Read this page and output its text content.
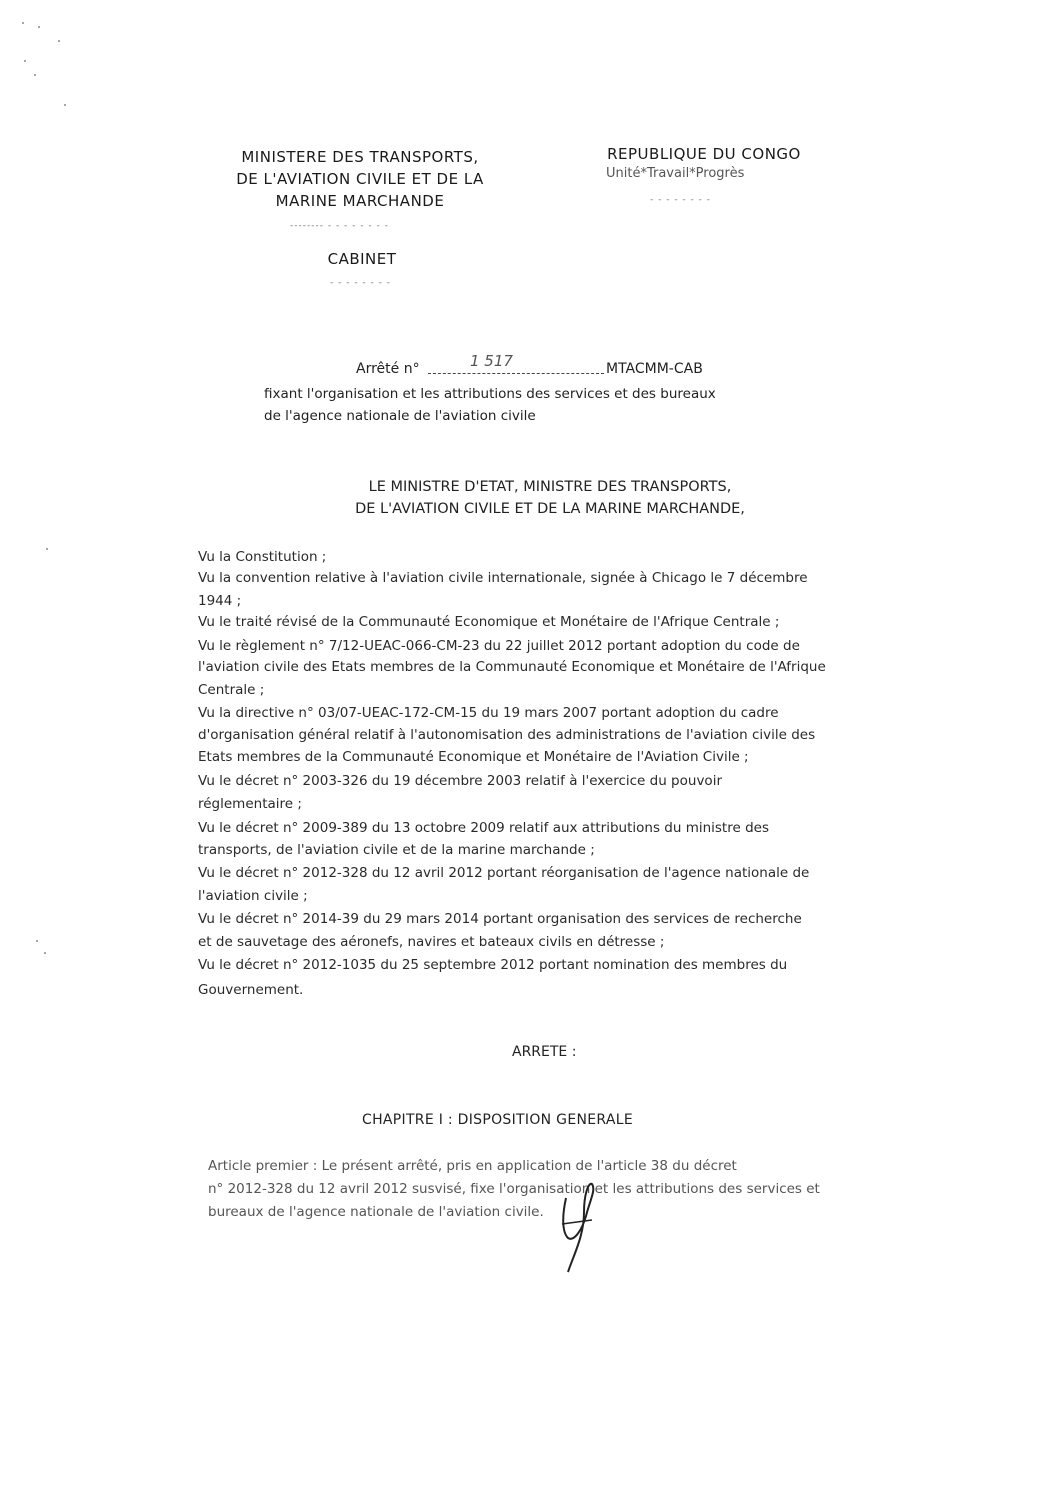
MINISTERE DES TRANSPORTS,
DE L'AVIATION CIVILE ET DE LA
MARINE MARCHANDE
-------- - - - - - - - -
CABINET
- - - - - - - -
REPUBLIQUE DU CONGO
Unité*Travail*Progrès
- - - - - - - -
Arrêté n°	1 517	MTACMM-CAB
fixant l'organisation et les attributions des services et des bureaux
de l'agence nationale de l'aviation civile
LE MINISTRE D'ETAT, MINISTRE DES TRANSPORTS,
DE L'AVIATION CIVILE ET DE LA MARINE MARCHANDE,
Vu la Constitution ;
Vu la convention relative à l'aviation civile internationale, signée à Chicago le 7 décembre
1944 ;
Vu le traité révisé de la Communauté Economique et Monétaire de l'Afrique Centrale ;
Vu le règlement n° 7/12-UEAC-066-CM-23 du 22 juillet 2012 portant adoption du code de
l'aviation civile des Etats membres de la Communauté Economique et Monétaire de l'Afrique
Centrale ;
Vu la directive n° 03/07-UEAC-172-CM-15 du 19 mars 2007 portant adoption du cadre
d'organisation général relatif à l'autonomisation des administrations de l'aviation civile des
Etats membres de la Communauté Economique et Monétaire de l'Aviation Civile ;
Vu le décret n° 2003-326 du 19 décembre 2003 relatif à l'exercice du pouvoir
réglementaire ;
Vu le décret n° 2009-389 du 13 octobre 2009 relatif aux attributions du ministre des
transports, de l'aviation civile et de la marine marchande ;
Vu le décret n° 2012-328 du 12 avril 2012 portant réorganisation de l'agence nationale de
l'aviation civile ;
Vu le décret n° 2014-39 du 29 mars 2014 portant organisation des services de recherche
et de sauvetage des aéronefs, navires et bateaux civils en détresse ;
Vu le décret n° 2012-1035 du 25 septembre 2012 portant nomination des membres du
Gouvernement.
ARRETE :
CHAPITRE I : DISPOSITION GENERALE
Article premier : Le présent arrêté, pris en application de l'article 38 du décret
n° 2012-328 du 12 avril 2012 susvisé, fixe l'organisation et les attributions des services et
bureaux de l'agence nationale de l'aviation civile.
